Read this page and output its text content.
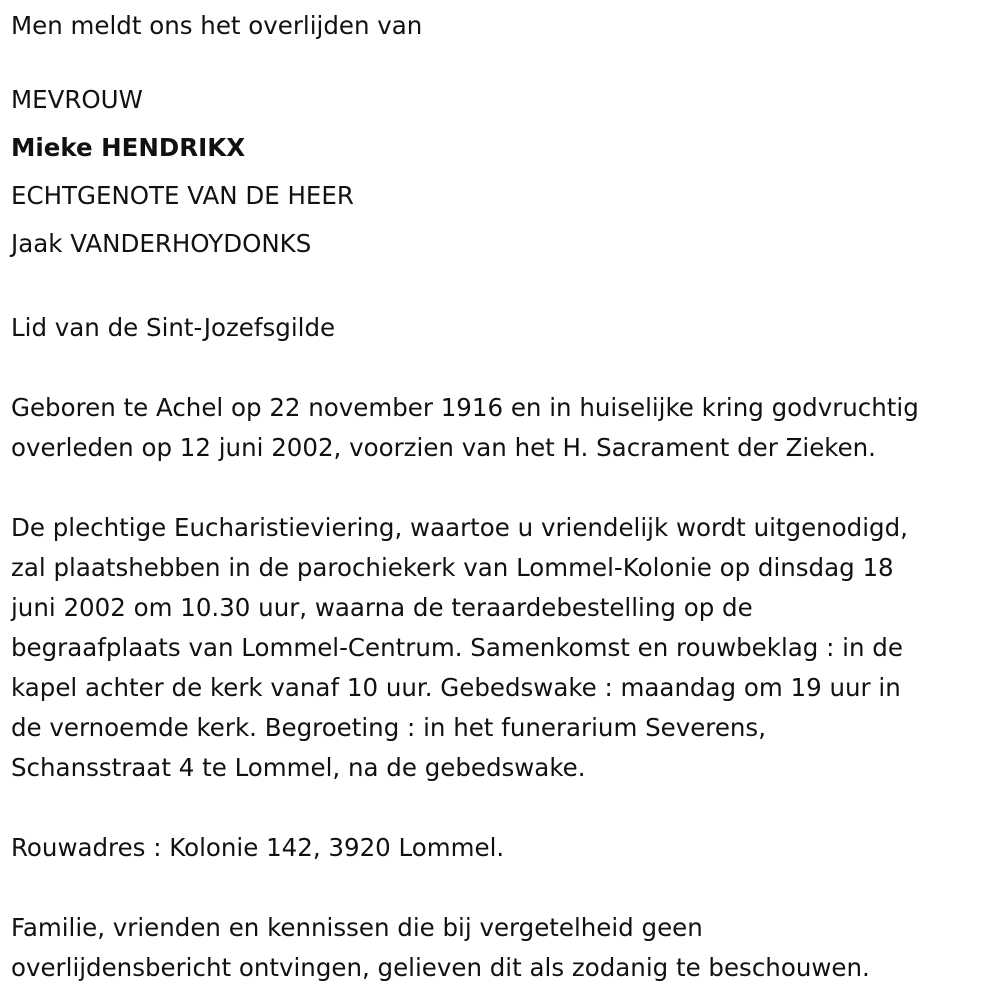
Men meldt ons het overlijden van
MEVROUW
Mieke HENDRIKX
ECHTGENOTE VAN DE HEER
Jaak VANDERHOYDONKS
Lid van de Sint-Jozefsgilde
Geboren te Achel op 22 november 1916 en in huiselijke kring godvruchtig
overleden op 12 juni 2002, voorzien van het H. Sacrament der Zieken.
De plechtige Eucharistieviering, waartoe u vriendelijk wordt uitgenodigd,
zal plaatshebben in de parochiekerk van Lommel-Kolonie op dinsdag 18
juni 2002 om 10.30 uur, waarna de teraardebestelling op de
begraafplaats van Lommel-Centrum. Samenkomst en rouwbeklag : in de
kapel achter de kerk vanaf 10 uur. Gebedswake : maandag om 19 uur in
de vernoemde kerk. Begroeting : in het funerarium Severens,
Schansstraat 4 te Lommel, na de gebedswake.
Rouwadres : Kolonie 142, 3920 Lommel.
Familie, vrienden en kennissen die bij vergetelheid geen
overlijdensbericht ontvingen, gelieven dit als zodanig te beschouwen.
